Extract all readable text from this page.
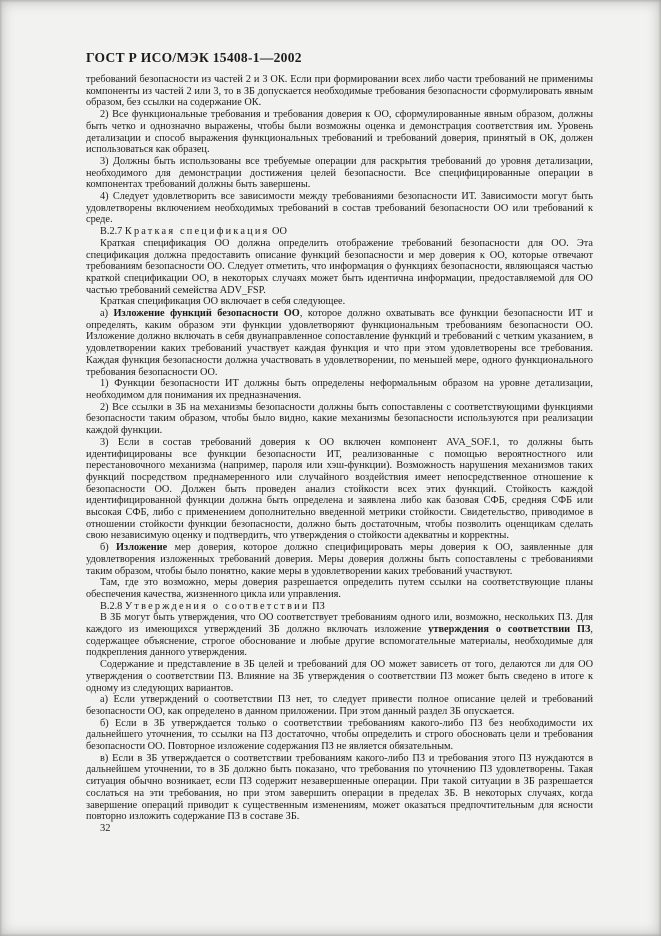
ГОСТ Р ИСО/МЭК 15408-1—2002

требований безопасности из частей 2 и 3 ОК. Если при формировании всех либо части требований не применимы компоненты из частей 2 или 3, то в ЗБ допускается необходимые требования безопасности сформулировать явным образом, без ссылки на содержание ОК.

2) Все функциональные требования и требования доверия к ОО, сформулированные явным образом, должны быть четко и однозначно выражены, чтобы были возможны оценка и демонстрация соответствия им. Уровень детализации и способ выражения функциональных требований и требований доверия, принятый в ОК, должен использоваться как образец.

3) Должны быть использованы все требуемые операции для раскрытия требований до уровня детализации, необходимого для демонстрации достижения целей безопасности. Все специфицированные операции в компонентах требований должны быть завершены.

4) Следует удовлетворить все зависимости между требованиями безопасности ИТ. Зависимости могут быть удовлетворены включением необходимых требований в состав требований безопасности ОО или требований к среде.

В.2.7 Краткая спецификация ОО

Краткая спецификация ОО должна определить отображение требований безопасности для ОО. Эта спецификация должна предоставить описание функций безопасности и мер доверия к ОО, которые отвечают требованиям безопасности ОО. Следует отметить, что информация о функциях безопасности, являющаяся частью краткой спецификации ОО, в некоторых случаях может быть идентична информации, предоставляемой для ОО частью требований семейства ADV_FSP.

Краткая спецификация ОО включает в себя следующее.

а) Изложение функций безопасности ОО, которое должно охватывать все функции безопасности ИТ и определять, каким образом эти функции удовлетворяют функциональным требованиям безопасности ОО. Изложение должно включать в себя двунаправленное сопоставление функций и требований с четким указанием, в удовлетворении каких требований участвует каждая функция и что при этом удовлетворены все требования. Каждая функция безопасности должна участвовать в удовлетворении, по меньшей мере, одного функционального требования безопасности ОО.

1) Функции безопасности ИТ должны быть определены неформальным образом на уровне детализации, необходимом для понимания их предназначения.

2) Все ссылки в ЗБ на механизмы безопасности должны быть сопоставлены с соответствующими функциями безопасности таким образом, чтобы было видно, какие механизмы безопасности используются при реализации каждой функции.

3) Если в состав требований доверия к ОО включен компонент AVA_SOF.1, то должны быть идентифицированы все функции безопасности ИТ, реализованные с помощью вероятностного или перестановочного механизма (например, пароля или хэш-функции). Возможность нарушения механизмов таких функций посредством преднамеренного или случайного воздействия имеет непосредственное отношение к безопасности ОО. Должен быть проведен анализ стойкости всех этих функций. Стойкость каждой идентифицированной функции должна быть определена и заявлена либо как базовая СФБ, средняя СФБ или высокая СФБ, либо с применением дополнительно введенной метрики стойкости. Свидетельство, приводимое в отношении стойкости функции безопасности, должно быть достаточным, чтобы позволить оценщикам сделать свою независимую оценку и подтвердить, что утверждения о стойкости адекватны и корректны.

б) Изложение мер доверия, которое должно специфицировать меры доверия к ОО, заявленные для удовлетворения изложенных требований доверия. Меры доверия должны быть сопоставлены с требованиями таким образом, чтобы было понятно, какие меры в удовлетворении каких требований участвуют.

Там, где это возможно, меры доверия разрешается определить путем ссылки на соответствующие планы обеспечения качества, жизненного цикла или управления.

В.2.8 Утверждения о соответствии ПЗ

В ЗБ могут быть утверждения, что ОО соответствует требованиям одного или, возможно, нескольких ПЗ. Для каждого из имеющихся утверждений ЗБ должно включать изложение утверждения о соответствии ПЗ, содержащее объяснение, строгое обоснование и любые другие вспомогательные материалы, необходимые для подкрепления данного утверждения.

Содержание и представление в ЗБ целей и требований для ОО может зависеть от того, делаются ли для ОО утверждения о соответствии ПЗ. Влияние на ЗБ утверждения о соответствии ПЗ может быть сведено в итоге к одному из следующих вариантов.

а) Если утверждений о соответствии ПЗ нет, то следует привести полное описание целей и требований безопасности ОО, как определено в данном приложении. При этом данный раздел ЗБ опускается.

б) Если в ЗБ утверждается только о соответствии требованиям какого-либо ПЗ без необходимости их дальнейшего уточнения, то ссылки на ПЗ достаточно, чтобы определить и строго обосновать цели и требования безопасности ОО. Повторное изложение содержания ПЗ не является обязательным.

в) Если в ЗБ утверждается о соответствии требованиям какого-либо ПЗ и требования этого ПЗ нуждаются в дальнейшем уточнении, то в ЗБ должно быть показано, что требования по уточнению ПЗ удовлетворены. Такая ситуация обычно возникает, если ПЗ содержит незавершенные операции. При такой ситуации в ЗБ разрешается сослаться на эти требования, но при этом завершить операции в пределах ЗБ. В некоторых случаях, когда завершение операций приводит к существенным изменениям, может оказаться предпочтительным для ясности повторно изложить содержание ПЗ в составе ЗБ.

32
